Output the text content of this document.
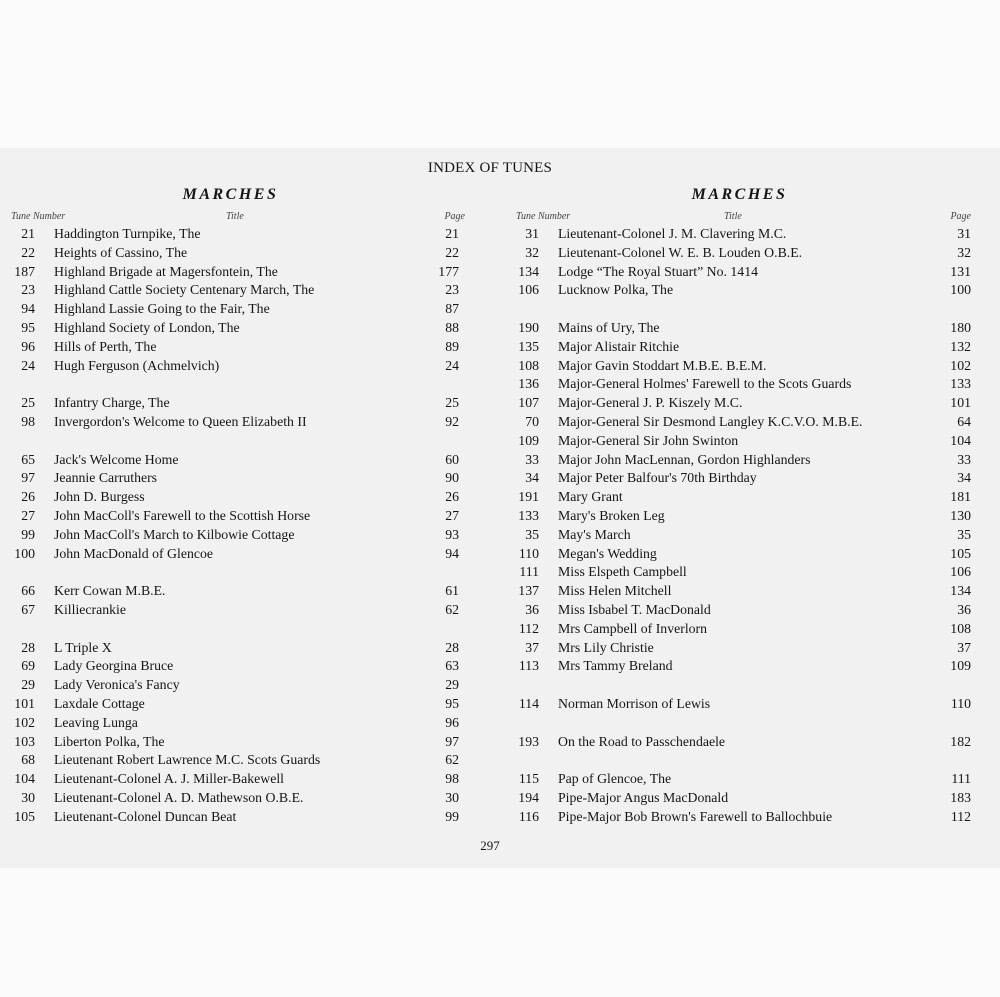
INDEX OF TUNES
MARCHES
Tune Number	Title	Page
21 Haddington Turnpike, The	21
22 Heights of Cassino, The	22
187 Highland Brigade at Magersfontein, The	177
23 Highland Cattle Society Centenary March, The	23
94 Highland Lassie Going to the Fair, The	87
95 Highland Society of London, The	88
96 Hills of Perth, The	89
24 Hugh Ferguson (Achmelvich)	24
25 Infantry Charge, The	25
98 Invergordon's Welcome to Queen Elizabeth II	92
65 Jack's Welcome Home	60
97 Jeannie Carruthers	90
26 John D. Burgess	26
27 John MacColl's Farewell to the Scottish Horse	27
99 John MacColl's March to Kilbowie Cottage	93
100 John MacDonald of Glencoe	94
66 Kerr Cowan M.B.E.	61
67 Killiecrankie	62
28 L Triple X	28
69 Lady Georgina Bruce	63
29 Lady Veronica's Fancy	29
101 Laxdale Cottage	95
102 Leaving Lunga	96
103 Liberton Polka, The	97
68 Lieutenant Robert Lawrence M.C. Scots Guards	62
104 Lieutenant-Colonel A. J. Miller-Bakewell	98
30 Lieutenant-Colonel A. D. Mathewson O.B.E.	30
105 Lieutenant-Colonel Duncan Beat	99
MARCHES
Tune Number	Title	Page
31 Lieutenant-Colonel J. M. Clavering M.C.	31
32 Lieutenant-Colonel W. E. B. Louden O.B.E.	32
134 Lodge “The Royal Stuart” No. 1414	131
106 Lucknow Polka, The	100
190 Mains of Ury, The	180
135 Major Alistair Ritchie	132
108 Major Gavin Stoddart M.B.E. B.E.M.	102
136 Major-General Holmes' Farewell to the Scots Guards	133
107 Major-General J. P. Kiszely M.C.	101
70 Major-General Sir Desmond Langley K.C.V.O. M.B.E.	64
109 Major-General Sir John Swinton	104
33 Major John MacLennan, Gordon Highlanders	33
34 Major Peter Balfour's 70th Birthday	34
191 Mary Grant	181
133 Mary's Broken Leg	130
35 May's March	35
110 Megan's Wedding	105
111 Miss Elspeth Campbell	106
137 Miss Helen Mitchell	134
36 Miss Isbabel T. MacDonald	36
112 Mrs Campbell of Inverlorn	108
37 Mrs Lily Christie	37
113 Mrs Tammy Breland	109
114 Norman Morrison of Lewis	110
193 On the Road to Passchendaele	182
115 Pap of Glencoe, The	111
194 Pipe-Major Angus MacDonald	183
116 Pipe-Major Bob Brown's Farewell to Ballochbuie	112
297
